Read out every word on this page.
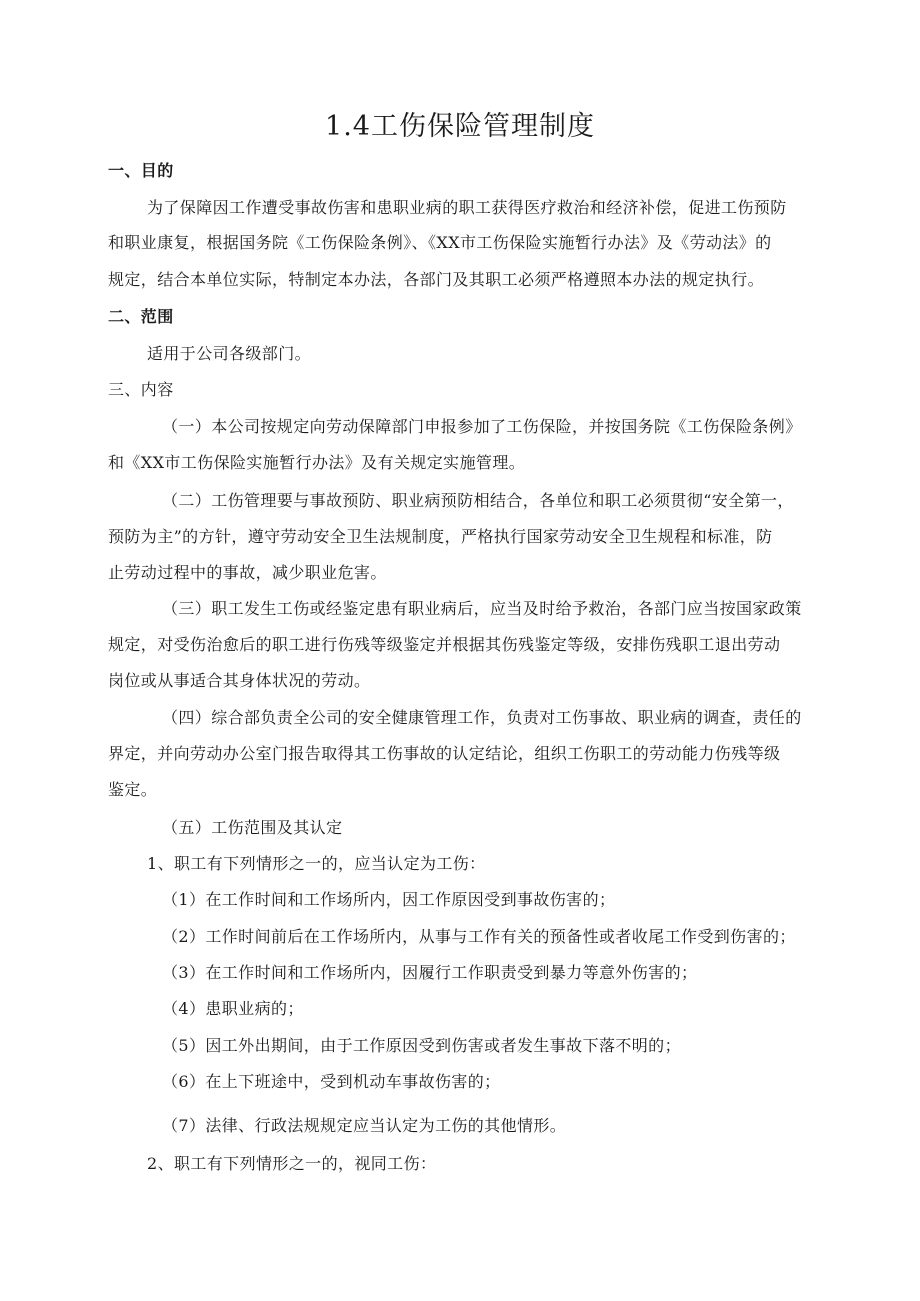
1.4工伤保险管理制度
一、目的
为了保障因工作遭受事故伤害和患职业病的职工获得医疗救治和经济补偿，促进工伤预防
和职业康复，根据国务院《工伤保险条例》、《XX市工伤保险实施暂行办法》及《劳动法》的
规定，结合本单位实际，特制定本办法，各部门及其职工必须严格遵照本办法的规定执行。
二、范围
适用于公司各级部门。
三、内容
（一）本公司按规定向劳动保障部门申报参加了工伤保险，并按国务院《工伤保险条例》
和《XX市工伤保险实施暂行办法》及有关规定实施管理。
（二）工伤管理要与事故预防、职业病预防相结合，各单位和职工必须贯彻“安全第一，
预防为主”的方针，遵守劳动安全卫生法规制度，严格执行国家劳动安全卫生规程和标准，防
止劳动过程中的事故，减少职业危害。
（三）职工发生工伤或经鉴定患有职业病后，应当及时给予救治，各部门应当按国家政策
规定，对受伤治愈后的职工进行伤残等级鉴定并根据其伤残鉴定等级，安排伤残职工退出劳动
岗位或从事适合其身体状况的劳动。
（四）综合部负责全公司的安全健康管理工作，负责对工伤事故、职业病的调查，责任的
界定，并向劳动办公室门报告取得其工伤事故的认定结论，组织工伤职工的劳动能力伤残等级
鉴定。
（五）工伤范围及其认定
1、职工有下列情形之一的，应当认定为工伤：
（1）在工作时间和工作场所内，因工作原因受到事故伤害的；
（2）工作时间前后在工作场所内，从事与工作有关的预备性或者收尾工作受到伤害的；
（3）在工作时间和工作场所内，因履行工作职责受到暴力等意外伤害的；
（4）患职业病的；
（5）因工外出期间，由于工作原因受到伤害或者发生事故下落不明的；
（6）在上下班途中，受到机动车事故伤害的；
（7）法律、行政法规规定应当认定为工伤的其他情形。
2、职工有下列情形之一的，视同工伤：
